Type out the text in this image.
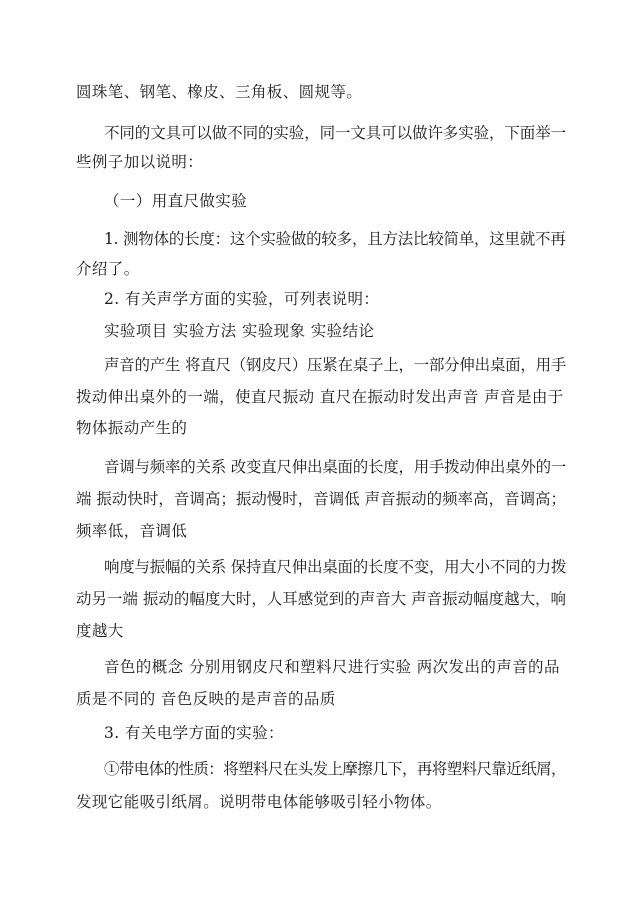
圆珠笔、钢笔、橡皮、三角板、圆规等。
不同的文具可以做不同的实验，同一文具可以做许多实验，下面举一
些例子加以说明：
（一）用直尺做实验
1. 测物体的长度：这个实验做的较多，且方法比较简单，这里就不再
介绍了。
2. 有关声学方面的实验，可列表说明：
实验项目 实验方法 实验现象 实验结论
声音的产生 将直尺（钢皮尺）压紧在桌子上，一部分伸出桌面，用手
拨动伸出桌外的一端，使直尺振动 直尺在振动时发出声音 声音是由于
物体振动产生的
音调与频率的关系 改变直尺伸出桌面的长度，用手拨动伸出桌外的一
端 振动快时，音调高；振动慢时，音调低 声音振动的频率高，音调高；
频率低，音调低
响度与振幅的关系 保持直尺伸出桌面的长度不变，用大小不同的力拨
动另一端 振动的幅度大时，人耳感觉到的声音大 声音振动幅度越大，响
度越大
音色的概念 分别用钢皮尺和塑料尺进行实验 两次发出的声音的品
质是不同的 音色反映的是声音的品质
3. 有关电学方面的实验：
①带电体的性质：将塑料尺在头发上摩擦几下，再将塑料尺靠近纸屑，
发现它能吸引纸屑。说明带电体能够吸引轻小物体。
